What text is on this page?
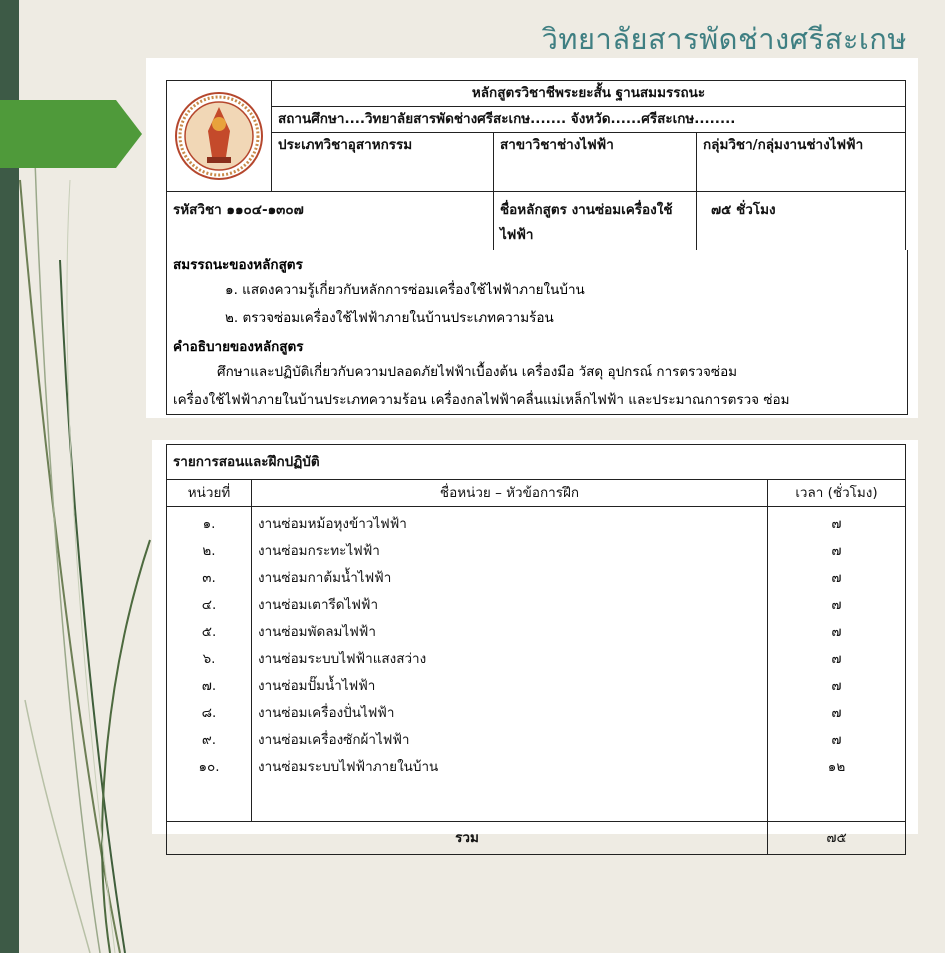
วิทยาลัยสารพัดช่างศรีสะเกษ
	หลักสูตรวิชาชีพระยะสั้น ฐานสมมรรถนะ		
	สถานศึกษา....วิทยาลัยสารพัดช่างศรีสะเกษ....... จังหวัด......ศรีสะเกษ........		
	ประเภทวิชาอุสาหกรรม	สาขาวิชาช่างไฟฟ้า	กลุ่มวิชา/กลุ่มงานช่างไฟฟ้า
รหัสวิชา ๑๑๐๔-๑๓๐๗		ชื่อหลักสูตร งานซ่อมเครื่องใช้ไฟฟ้า	๗๕ ชั่วโมง
สมรรถนะของหลักสูตร
๑. แสดงความรู้เกี่ยวกับหลักการซ่อมเครื่องใช้ไฟฟ้าภายในบ้าน
๒. ตรวจซ่อมเครื่องใช้ไฟฟ้าภายในบ้านประเภทความร้อน
คำอธิบายของหลักสูตร
ศึกษาและปฏิบัติเกี่ยวกับความปลอดภัยไฟฟ้าเบื้องต้น เครื่องมือ วัสดุ อุปกรณ์ การตรวจซ่อม
เครื่องใช้ไฟฟ้าภายในบ้านประเภทความร้อน เครื่องกลไฟฟ้าคลื่นแม่เหล็กไฟฟ้า และประมาณการตรวจ ซ่อม
รายการสอนและฝึกปฏิบัติ		
หน่วยที่	ชื่อหน่วย – หัวข้อการฝึก	เวลา (ชั่วโมง)
๑.	งานซ่อมหม้อหุงข้าวไฟฟ้า	๗
๒.	งานซ่อมกระทะไฟฟ้า	๗
๓.	งานซ่อมกาต้มน้ำไฟฟ้า	๗
๔.	งานซ่อมเตารีดไฟฟ้า	๗
๕.	งานซ่อมพัดลมไฟฟ้า	๗
๖.	งานซ่อมระบบไฟฟ้าแสงสว่าง	๗
๗.	งานซ่อมปั๊มน้ำไฟฟ้า	๗
๘.	งานซ่อมเครื่องปั่นไฟฟ้า	๗
๙.	งานซ่อมเครื่องซักผ้าไฟฟ้า	๗
๑๐.	งานซ่อมระบบไฟฟ้าภายในบ้าน	๑๒

รวม		๗๕
